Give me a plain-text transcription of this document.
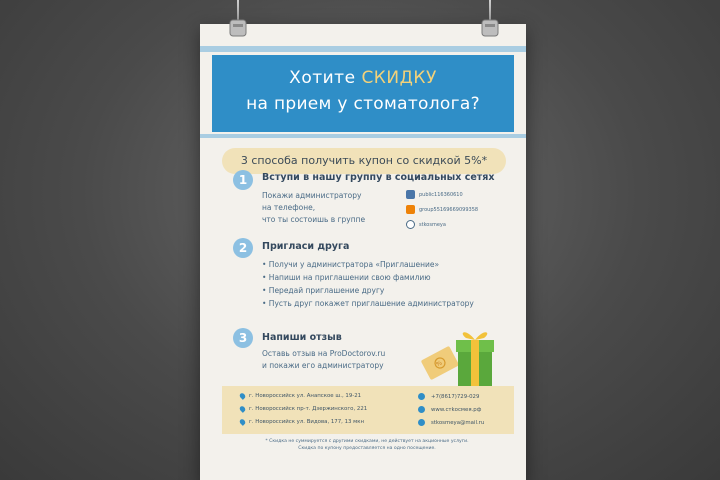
Хотите СКИДКУ
на прием у стоматолога?
3 способа получить купон со скидкой 5%*
1	Вступи в нашу группу в социальных сетях
Покажи администратору
на телефоне,
что ты состоишь в группе
public116360610
group55169669099358
stkosmeya
2	Пригласи друга
• Получи у администратора «Приглашение»
• Напиши на приглашении свою фамилию
• Передай приглашение другу
• Пусть друг покажет приглашение администратору
3	Напиши отзыв
Оставь отзыв на ProDoctorov.ru
и покажи его администратору	%
г. Новороссийск ул. Анапское ш., 19-21
г. Новороссийск пр-т. Дзержинского, 221
г. Новороссийск ул. Видова, 177, 13 мкн
+7(8617)729-029
www.стkосмея.рф
stkosmeya@mail.ru
* Скидка не суммируется с другими скидками, не действует на акционные услуги.
Скидка по купону предоставляется на одно посещение.
